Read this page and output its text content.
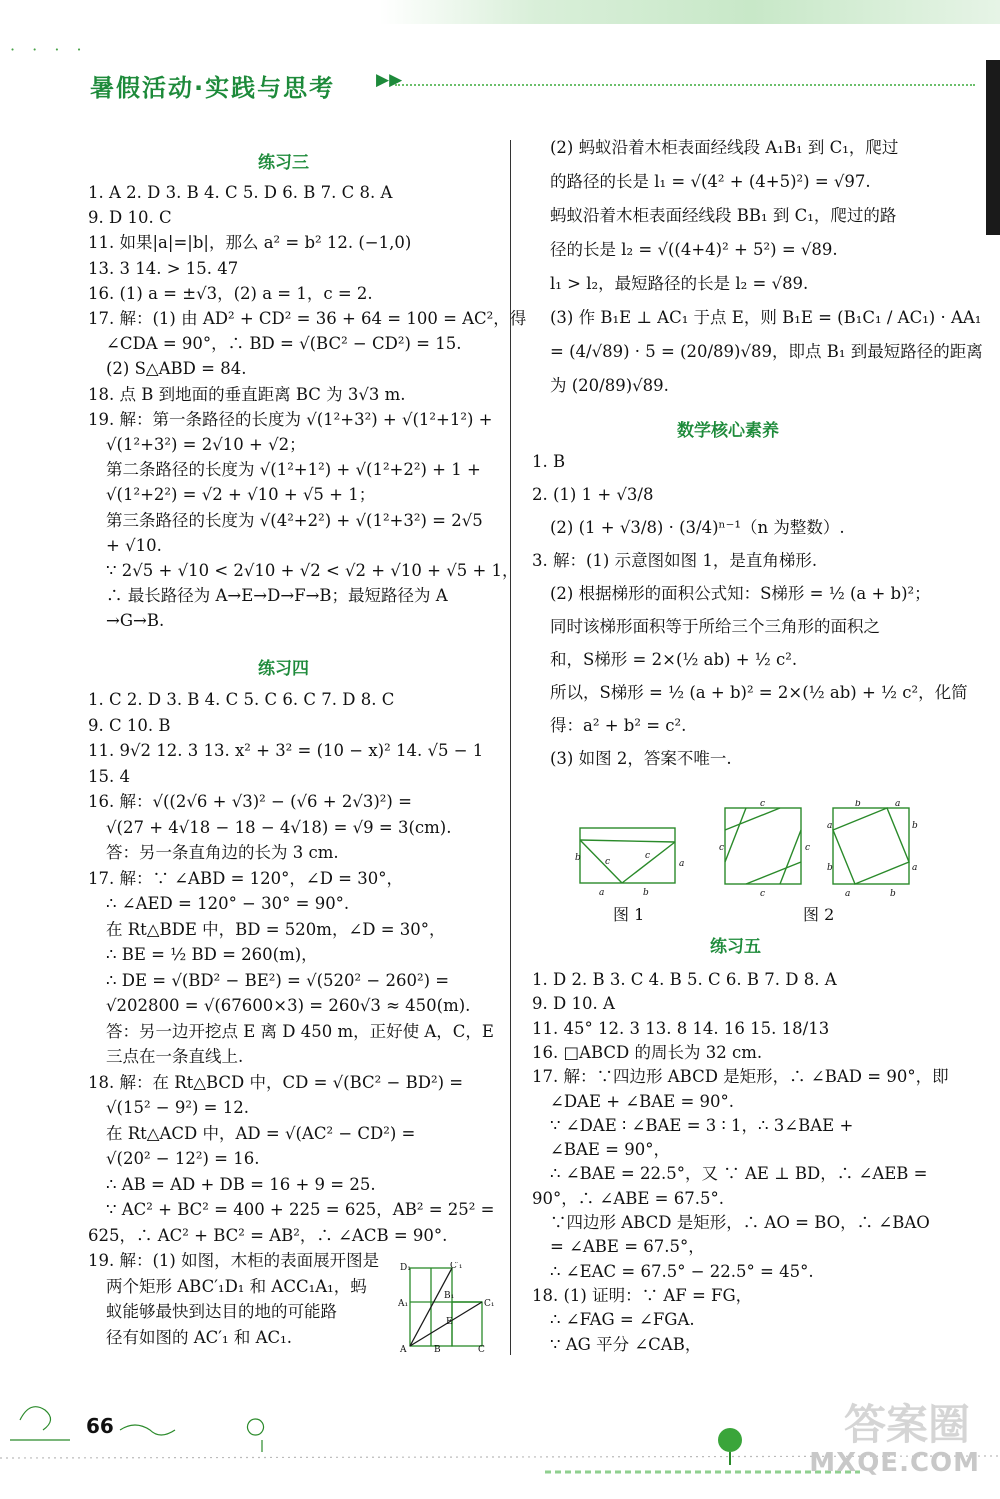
· · · ·
暑假活动·实践与思考 ▶▶
练习三
1. A 2. D 3. B 4. C 5. D 6. B 7. C 8. A
9. D 10. C
11. 如果|a|=|b|，那么 a² = b² 12. (−1,0)
13. 3 14. > 15. 47
16. (1) a = ±√3，(2) a = 1，c = 2.
17. 解：(1) 由 AD² + CD² = 36 + 64 = 100 = AC²，得
∠CDA = 90°，∴ BD = √(BC² − CD²) = 15.
(2) S△ABD = 84.
18. 点 B 到地面的垂直距离 BC 为 3√3 m.
19. 解：第一条路径的长度为 √(1²+3²) + √(1²+1²) +
√(1²+3²) = 2√10 + √2；
第二条路径的长度为 √(1²+1²) + √(1²+2²) + 1 +
√(1²+2²) = √2 + √10 + √5 + 1；
第三条路径的长度为 √(4²+2²) + √(1²+3²) = 2√5
+ √10.
∵ 2√5 + √10 < 2√10 + √2 < √2 + √10 + √5 + 1，
∴ 最长路径为 A→E→D→F→B；最短路径为 A
→G→B.
练习四
1. C 2. D 3. B 4. C 5. C 6. C 7. D 8. C
9. C 10. B
11. 9√2 12. 3 13. x² + 3² = (10 − x)² 14. √5 − 1
15. 4
16. 解：√((2√6 + √3)² − (√6 + 2√3)²) =
√(27 + 4√18 − 18 − 4√18) = √9 = 3(cm).
答：另一条直角边的长为 3 cm.
17. 解：∵ ∠ABD = 120°，∠D = 30°，
∴ ∠AED = 120° − 30° = 90°.
在 Rt△BDE 中，BD = 520m，∠D = 30°，
∴ BE = ½ BD = 260(m)，
∴ DE = √(BD² − BE²) = √(520² − 260²) =
√202800 = √(67600×3) = 260√3 ≈ 450(m).
答：另一边开挖点 E 离 D 450 m，正好使 A，C，E
三点在一条直线上.
18. 解：在 Rt△BCD 中，CD = √(BC² − BD²) =
√(15² − 9²) = 12.
在 Rt△ACD 中，AD = √(AC² − CD²) =
√(20² − 12²) = 16.
∴ AB = AD + DB = 16 + 9 = 25.
∵ AC² + BC² = 400 + 225 = 625，AB² = 25² =
625，∴ AC² + BC² = AB²，∴ ∠ACB = 90°.
19. 解：(1) 如图，木柜的表面展开图是
两个矩形 ABC′₁D₁ 和 ACC₁A₁，蚂
蚁能够最快到达目的地的可能路
径有如图的 AC′₁ 和 AC₁.
D₁	C′₁
A₁
B₁
C₁
E
A	B	C
(2) 蚂蚁沿着木柜表面经线段 A₁B₁ 到 C₁，爬过
的路径的长是 l₁ = √(4² + (4+5)²) = √97.
蚂蚁沿着木柜表面经线段 BB₁ 到 C₁，爬过的路
径的长是 l₂ = √((4+4)² + 5²) = √89.
l₁ > l₂，最短路径的长是 l₂ = √89.
(3) 作 B₁E ⊥ AC₁ 于点 E，则 B₁E = (B₁C₁ / AC₁) · AA₁
= (4/√89) · 5 = (20/89)√89，即点 B₁ 到最短路径的距离
为 (20/89)√89.
数学核心素养
1. B
2. (1) 1 + √3/8
(2) (1 + √3/8) · (3/4)ⁿ⁻¹（n 为整数）.
3. 解：(1) 示意图如图 1，是直角梯形.
(2) 根据梯形的面积公式知：S梯形 = ½ (a + b)²；
同时该梯形面积等于所给三个三角形的面积之
和，S梯形 = 2×(½ ab) + ½ c².
所以，S梯形 = ½ (a + b)² = 2×(½ ab) + ½ c²，化简
得：a² + b² = c².
(3) 如图 2，答案不唯一.
练习五
1. D 2. B 3. C 4. B 5. C 6. B 7. D 8. A
9. D 10. A
11. 45° 12. 3 13. 8 14. 16 15. 18/13
16. □ABCD 的周长为 32 cm.
17. 解：∵四边形 ABCD 是矩形，∴ ∠BAD = 90°，即
∠DAE + ∠BAE = 90°.
∵ ∠DAE ∶ ∠BAE = 3 ∶ 1，∴ 3∠BAE +
∠BAE = 90°，
∴ ∠BAE = 22.5°，又 ∵ AE ⊥ BD，∴ ∠AEB =
90°，∴ ∠ABE = 67.5°.
∵四边形 ABCD 是矩形，∴ AO = BO，∴ ∠BAO
= ∠ABE = 67.5°，
∴ ∠EAC = 67.5° − 22.5° = 45°.
18. (1) 证明：∵ AF = FG，
∴ ∠FAG = ∠FGA.
∵ AG 平分 ∠CAB，
b
a
c
c
a	b
c
c	c
c
b	a
a
b
b
a
a	b
图 1	图 2
66	答案圈
MXQE.COM
